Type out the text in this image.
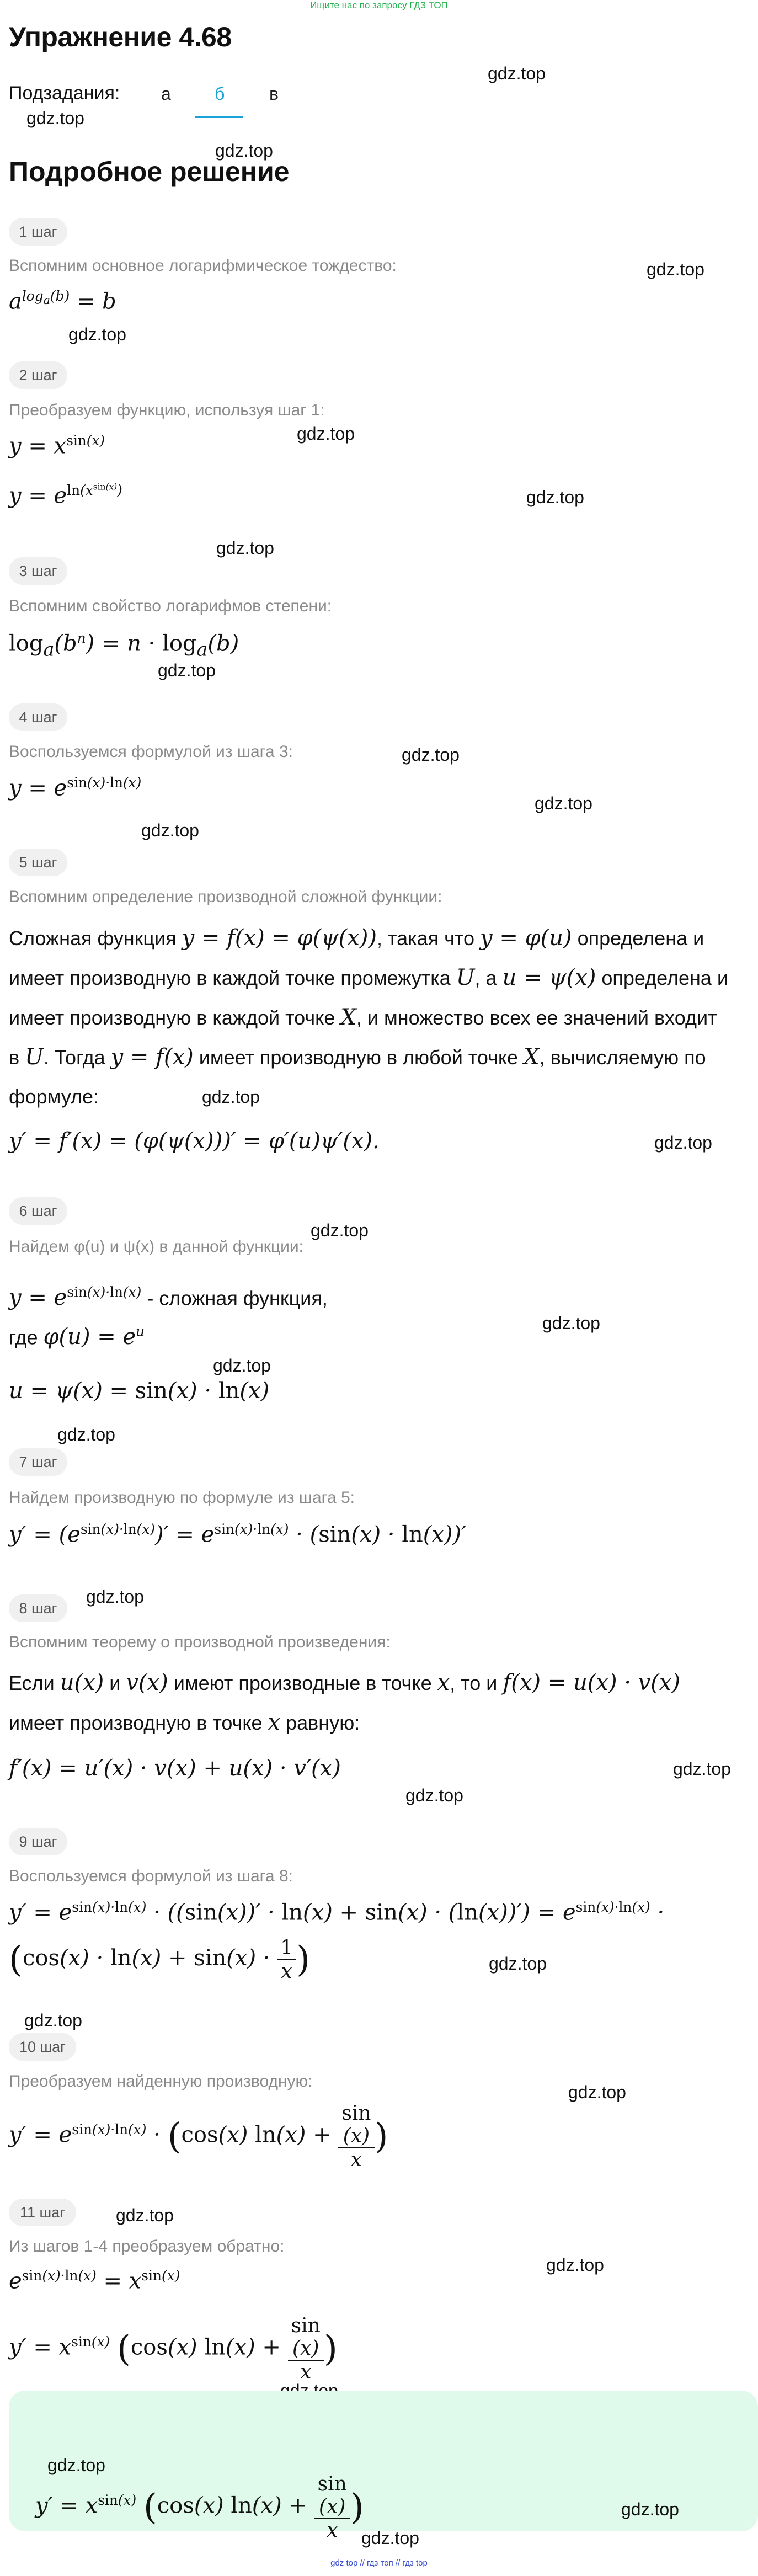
Ищите нас по запросу ГДЗ ТОП
Упражнение 4.68
Подзадания: а б	в
Подробное решение
gdz.top
gdz.top
gdz.top
gdz.top
gdz.top
gdz.top
gdz.top
gdz.top
gdz.top
gdz.top
gdz.top
gdz.top
gdz.top
gdz.top
gdz.top
gdz.top
gdz.top
gdz.top
gdz.top
gdz.top
gdz.top
gdz.top
gdz.top
gdz.top
gdz.top
gdz.top
1 шаг
Вспомним основное логарифмическое тождество:
$a^{log_a(b)} = b$
2 шаг
Преобразуем функцию, используя шаг 1:
$y = x^{sin(x)}$
$y = e^{ln(x^{sin(x)})}$
3 шаг
Вспомним свойство логарифмов степени:
$\log_a(b^n) = n \cdot \log_a(b)$
4 шаг
Воспользуемся формулой из шага 3:
$y = e^{sin(x)\cdot ln(x)}$
5 шаг
Вспомним определение производной сложной функции:
Сложная функция y = f(x) = φ(ψ(x)), такая что y = φ(u) определена и
имеет производную в каждой точке промежутка U, а u = ψ(x) определена и
имеет производную в каждой точке X, и множество всех ее значений входит
в U. Тогда y = f(x) имеет производную в любой точке X, вычисляемую по
формуле:
y′ = f′(x) = (φ(ψ(x)))′ = φ′(u)ψ′(x).
6 шаг
Найдем φ(u) и ψ(x) в данной функции:
$y = e^{sin(x)\cdot ln(x)}$ - сложная функция,
где $\varphi(u) = e^u$
u = ψ(x) = sin(x) · ln(x)
7 шаг
Найдем производную по формуле из шага 5:
$y' = (e^{sin(x)\cdot ln(x)})' = e^{sin(x)\cdot ln(x)} \cdot (\sin(x) \cdot \ln(x))'$
8 шаг
Вспомним теорему о производной произведения:
Если u(x) и v(x) имеют производные в точке x, то и f(x) = u(x) · v(x)
имеет производную в точке x равную:
f′(x) = u′(x) · v(x) + u(x) · v′(x)
9 шаг
Воспользуемся формулой из шага 8:
$y' = e^{sin(x)\cdot ln(x)} \cdot ((\sin(x))' \cdot \ln(x) + \sin(x) \cdot (\ln(x))') = e^{sin(x)\cdot ln(x)}$ ·
($\cos(x) \cdot \ln(x) + \sin(x) \cdot \frac{1}{x}$ )
10 шаг
Преобразуем найденную производную:
$y' = e^{sin(x)\cdot ln(x)} \cdot (\cos(x) \ln(x) + \sin$
(x)
x )
11 шаг
Из шагов 1-4 преобразуем обратно:
$e^{sin(x)\cdot ln(x)} = x^{sin(x)}$
$y' = x^{sin(x)}$ (cos(x) ln(x) + sin
(x)
x )
gdz.top
gdz.top
gdz.top
$y' = x^{sin(x)}$ (cos(x) ln(x) + sin
(x)
x )
gdz top // гдз топ // гдз top
